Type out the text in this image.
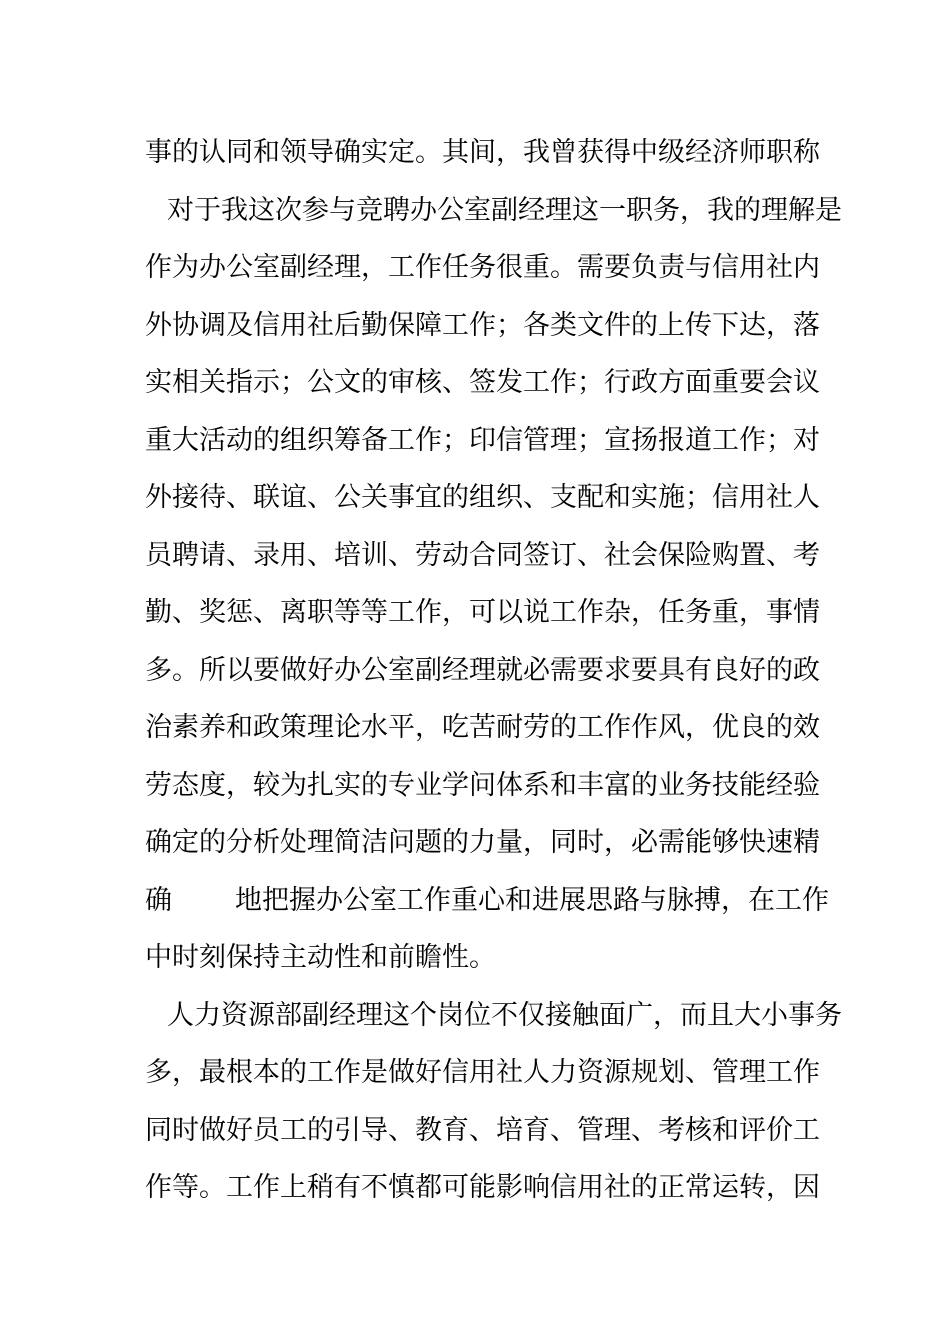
事的认同和领导确实定。其间，我曾获得中级经济师职称
对于我这次参与竞聘办公室副经理这一职务，我的理解是
作为办公室副经理，工作任务很重。需要负责与信用社内
外协调及信用社后勤保障工作；各类文件的上传下达，落
实相关指示；公文的审核、签发工作；行政方面重要会议
重大活动的组织筹备工作；印信管理；宣扬报道工作；对
外接待、联谊、公关事宜的组织、支配和实施；信用社人
员聘请、录用、培训、劳动合同签订、社会保险购置、考
勤、奖惩、离职等等工作，可以说工作杂，任务重，事情
多。所以要做好办公室副经理就必需要求要具有良好的政
治素养和政策理论水平，吃苦耐劳的工作作风，优良的效
劳态度，较为扎实的专业学问体系和丰富的业务技能经验
确定的分析处理简洁问题的力量，同时，必需能够快速精
确 地把握办公室工作重心和进展思路与脉搏，在工作
中时刻保持主动性和前瞻性。
人力资源部副经理这个岗位不仅接触面广，而且大小事务
多，最根本的工作是做好信用社人力资源规划、管理工作
同时做好员工的引导、教育、培育、管理、考核和评价工
作等。工作上稍有不慎都可能影响信用社的正常运转，因
